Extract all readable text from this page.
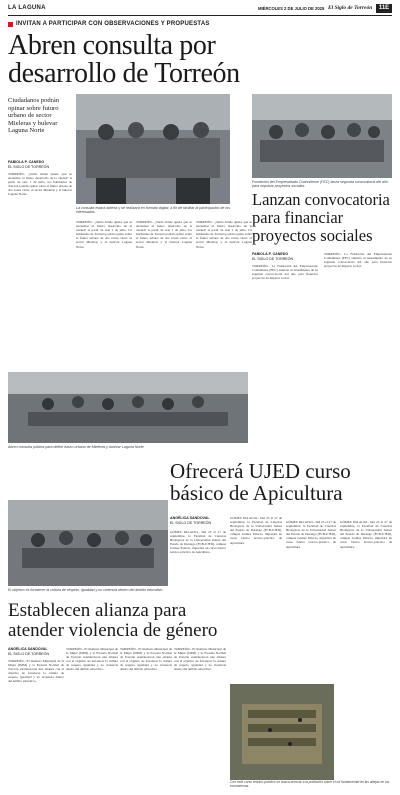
LA LAGUNA	MIÉRCOLES 2 DE JULIO DE 2025 El Siglo de Torreón	11E
INVITAN A PARTICIPAR CON OBSERVACIONES Y PROPUESTAS
Abren consulta por desarrollo de Torreón
Ciudadanos podrán opinar sobre futuro urbano de sector Mieleras y bulevar Laguna Norte
FABIOLA P. CANEDO
EL SIGLO DE TORREÓN
TORREÓN.- ¿Sabía dónde quiere que se encuentre el futuro desarrollo de la ciudad? A partir de este 1 de julio, los habitantes de Torreón podrán opinar sobre el futuro urbano de dos zonas clave: el sector Mieleras y el bulevar Laguna Norte.
La consulta estará abierta y se realizará en formato digital, a fin de facilitar la participación de los interesados.
TORREÓN.- ¿Sabía dónde quiere que se encuentre el futuro desarrollo de la ciudad? A partir de este 1 de julio, los habitantes de Torreón podrán opinar sobre el futuro urbano de dos zonas clave: el sector Mieleras y el bulevar Laguna Norte.
TORREÓN.- ¿Sabía dónde quiere que se encuentre el futuro desarrollo de la ciudad? A partir de este 1 de julio, los habitantes de Torreón podrán opinar sobre el futuro urbano de dos zonas clave: el sector Mieleras y el bulevar Laguna Norte.
TORREÓN.- ¿Sabía dónde quiere que se encuentre el futuro desarrollo de la ciudad? A partir de este 1 de julio, los habitantes de Torreón podrán opinar sobre el futuro urbano de dos zonas clave: el sector Mieleras y el bulevar Laguna Norte.
Fundación del Empresariado Coahuilense (FEC) lanza segunda convocatoria del año para impulsar proyectos sociales.
Lanzan convocatoria para financiar proyectos sociales
FABIOLA P. CANEDO
EL SIGLO DE TORREÓN
TORREÓN.- La Fundación del Empresariado Coahuilense (FEC) anunció el lanzamiento de su segunda convocatoria del año para financiar proyectos de impacto social.
TORREÓN.- La Fundación del Empresariado Coahuilense (FEC) anunció el lanzamiento de su segunda convocatoria del año para financiar proyectos de impacto social.
Abren consulta pública para definir futuro urbano de Mieleras y bulevar Laguna Norte.
Ofrecerá UJED curso básico de Apicultura
ANGÉLICA SANDOVAL
EL SIGLO DE TORREÓN
GÓMEZ PALACIO.- Del 25 al 27 de septiembre, la Facultad de Ciencias Biológicas de la Universidad Juárez del Estado de Durango (FCB-UJED), campus Gómez Palacio, impartirá un curso básico teórico-práctico de Apicultura.
GÓMEZ PALACIO.- Del 25 al 27 de septiembre, la Facultad de Ciencias Biológicas de la Universidad Juárez del Estado de Durango (FCB-UJED), campus Gómez Palacio, impartirá un curso básico teórico-práctico de Apicultura.
GÓMEZ PALACIO.- Del 25 al 27 de septiembre, la Facultad de Ciencias Biológicas de la Universidad Juárez del Estado de Durango (FCB-UJED), campus Gómez Palacio, impartirá un curso básico teórico-práctico de Apicultura.
GÓMEZ PALACIO.- Del 25 al 27 de septiembre, la Facultad de Ciencias Biológicas de la Universidad Juárez del Estado de Durango (FCB-UJED), campus Gómez Palacio, impartirá un curso básico teórico-práctico de Apicultura.
Con este curso teórico-práctico se busca acercar a la población sobre el rol fundamental de las abejas en los ecosistemas.
El objetivo es fortalecer la cultura de respeto, igualdad y no violencia dentro del ámbito educativo.
Establecen alianza para atender violencia de género
ANGÉLICA SANDOVAL
EL SIGLO DE TORREÓN
TORREÓN.- El Instituto Municipal de la Mujer (IMM) y la Escuela Normal de Torreón establecieron una alianza con el objetivo de fortalecer la cultura de respeto, igualdad y no violencia dentro del ámbito educativo.
TORREÓN.- El Instituto Municipal de la Mujer (IMM) y la Escuela Normal de Torreón establecieron una alianza con el objetivo de fortalecer la cultura de respeto, igualdad y no violencia dentro del ámbito educativo.
TORREÓN.- El Instituto Municipal de la Mujer (IMM) y la Escuela Normal de Torreón establecieron una alianza con el objetivo de fortalecer la cultura de respeto, igualdad y no violencia dentro del ámbito educativo.
TORREÓN.- El Instituto Municipal de la Mujer (IMM) y la Escuela Normal de Torreón establecieron una alianza con el objetivo de fortalecer la cultura de respeto, igualdad y no violencia dentro del ámbito educativo.
